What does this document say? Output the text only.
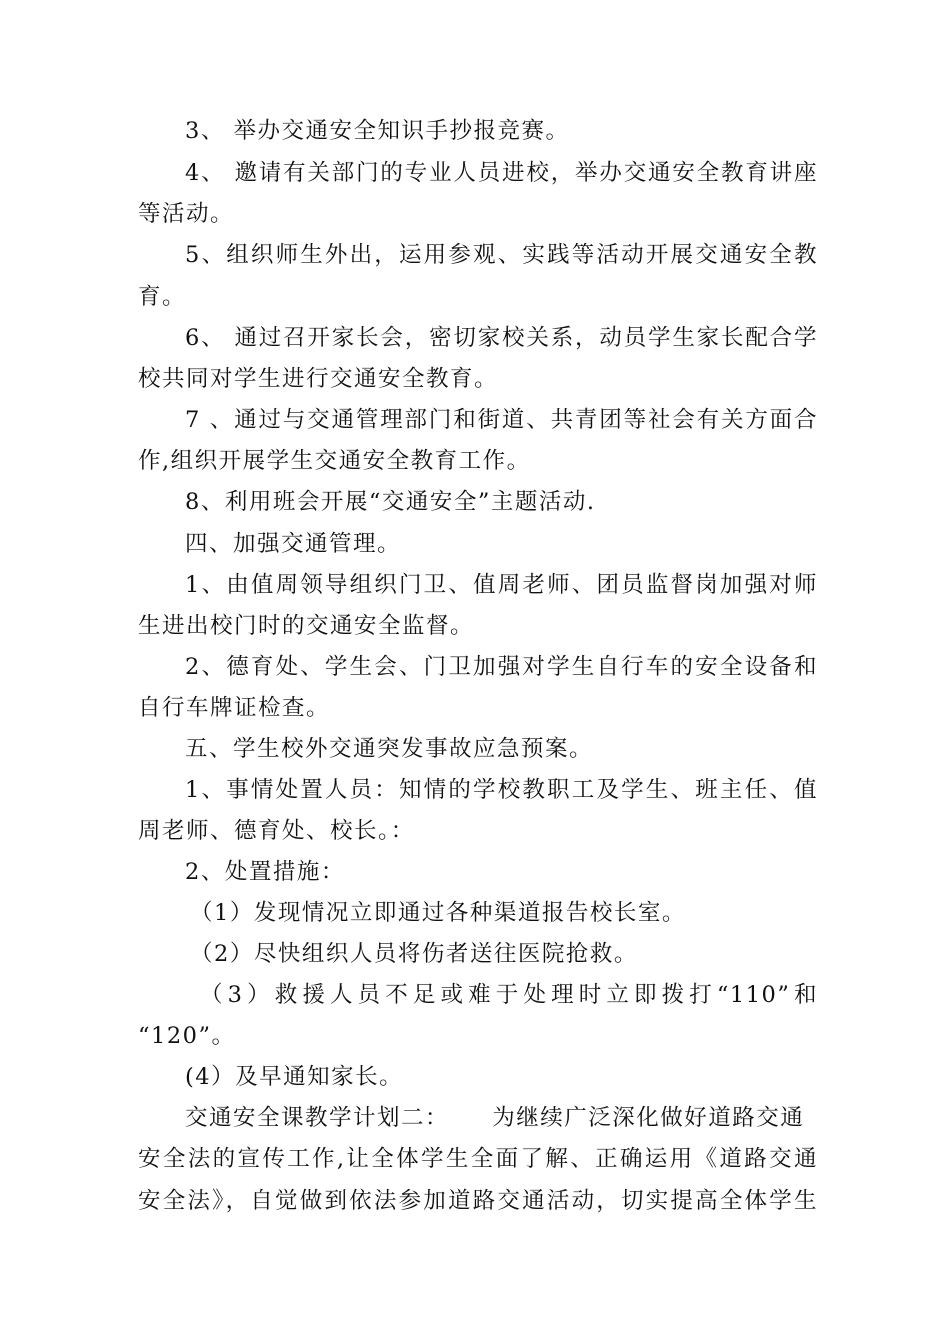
3、 举办交通安全知识手抄报竞赛。
4、 邀请有关部门的专业人员进校，举办交通安全教育讲座
等活动。
5、组织师生外出，运用参观、实践等活动开展交通安全教
育。
6、 通过召开家长会，密切家校关系，动员学生家长配合学
校共同对学生进行交通安全教育。
7 、通过与交通管理部门和街道、共青团等社会有关方面合
作,组织开展学生交通安全教育工作。
8、利用班会开展“交通安全”主题活动.
四、加强交通管理。
1、由值周领导组织门卫、值周老师、团员监督岗加强对师
生进出校门时的交通安全监督。
2、德育处、学生会、门卫加强对学生自行车的安全设备和
自行车牌证检查。
五、学生校外交通突发事故应急预案。
1、事情处置人员：知情的学校教职工及学生、班主任、值
周老师、德育处、校长。：
2、处置措施：
（1）发现情况立即通过各种渠道报告校长室。
（2）尽快组织人员将伤者送往医院抢救。
（3）救援人员不足或难于处理时立即拨打“110”和
“120”。
(4）及早通知家长。
交通安全课教学计划二：     为继续广泛深化做好道路交通
安全法的宣传工作,让全体学生全面了解、正确运用《道路交通
安全法》，自觉做到依法参加道路交通活动，切实提高全体学生
